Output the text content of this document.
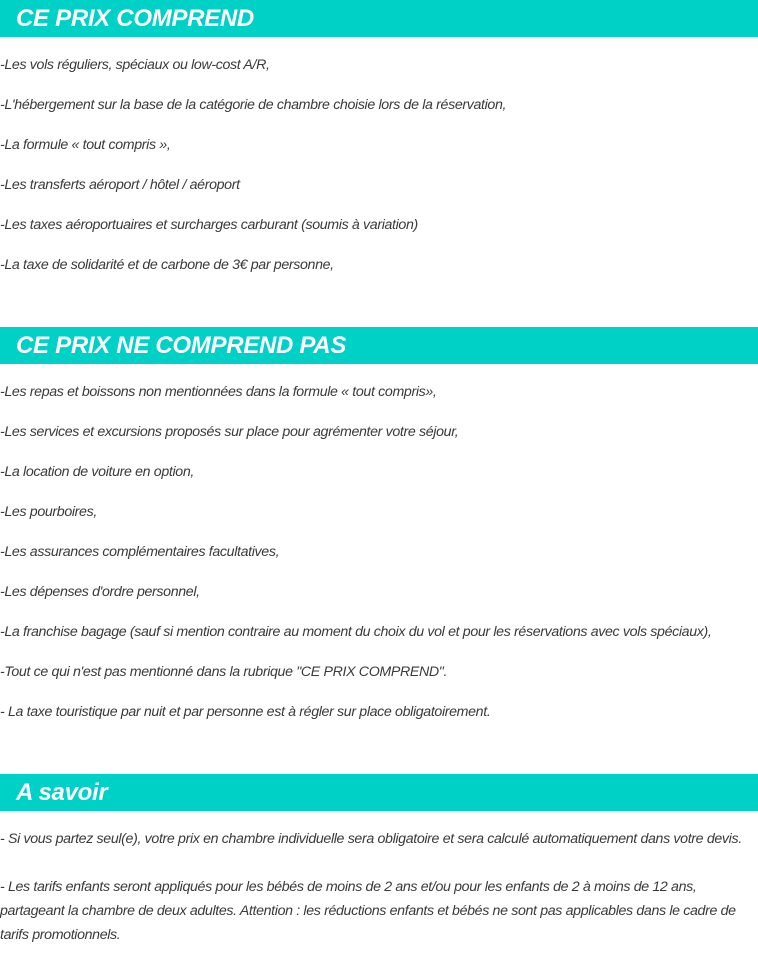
CE PRIX COMPREND
-Les vols réguliers, spéciaux ou low-cost A/R,
-L'hébergement sur la base de la catégorie de chambre choisie lors de la réservation,
-La formule « tout compris »,
-Les transferts aéroport / hôtel / aéroport
-Les taxes aéroportuaires et surcharges carburant (soumis à variation)
-La taxe de solidarité et de carbone de 3€ par personne,
CE PRIX NE COMPREND PAS
-Les repas et boissons non mentionnées dans la formule « tout compris»,
-Les services et excursions proposés sur place pour agrémenter votre séjour,
-La location de voiture en option,
-Les pourboires,
-Les assurances complémentaires facultatives,
-Les dépenses d'ordre personnel,
-La franchise bagage (sauf si mention contraire au moment du choix du vol et pour les réservations avec vols spéciaux),
-Tout ce qui n'est pas mentionné dans la rubrique "CE PRIX COMPREND".
- La taxe touristique par nuit et par personne est à régler sur place obligatoirement.
A savoir

- Si vous partez seul(e), votre prix en chambre individuelle sera obligatoire et sera calculé automatiquement dans votre devis.

- Les tarifs enfants seront appliqués pour les bébés de moins de 2 ans et/ou pour les enfants de 2 à moins de 12 ans, partageant la chambre de deux adultes. Attention : les réductions enfants et bébés ne sont pas applicables dans le cadre de tarifs promotionnels.
